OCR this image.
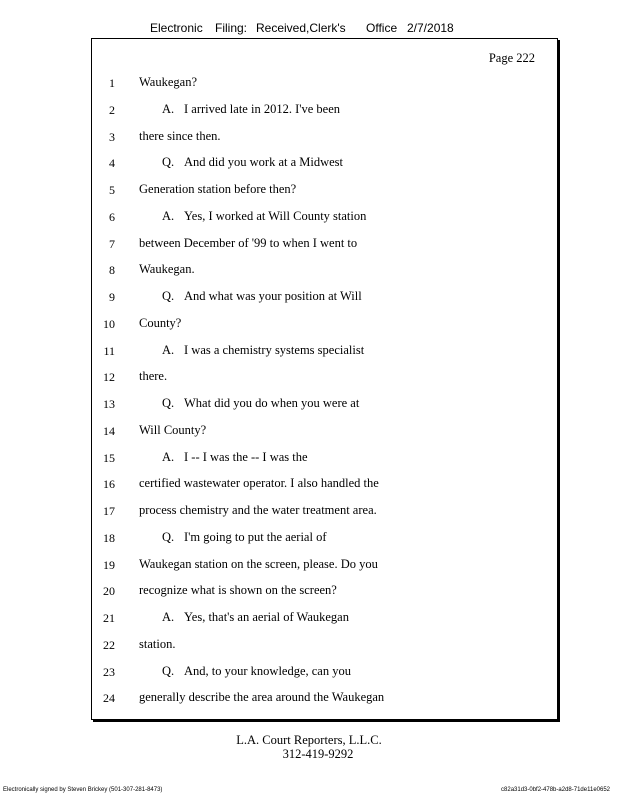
Electronic Filing: Received,Clerk's Office 2/7/2018
Page 222
1 Waukegan?
2	A. I arrived late in 2012. I've been
3 there since then.
4	Q. And did you work at a Midwest
5 Generation station before then?
6	A. Yes, I worked at Will County station
7 between December of '99 to when I went to
8 Waukegan.
9	Q. And what was your position at Will
10 County?
11	A. I was a chemistry systems specialist
12 there.
13	Q. What did you do when you were at
14 Will County?
15	A. I -- I was the -- I was the
16 certified wastewater operator. I also handled the
17 process chemistry and the water treatment area.
18	Q. I'm going to put the aerial of
19 Waukegan station on the screen, please. Do you
20 recognize what is shown on the screen?
21	A. Yes, that's an aerial of Waukegan
22 station.
23	Q. And, to your knowledge, can you
24 generally describe the area around the Waukegan
L.A. Court Reporters, L.L.C.
312-419-9292
Electronically signed by Steven Brickey (501-307-281-8473)	c82a31d3-0bf2-478b-a2d8-71de11e0652
